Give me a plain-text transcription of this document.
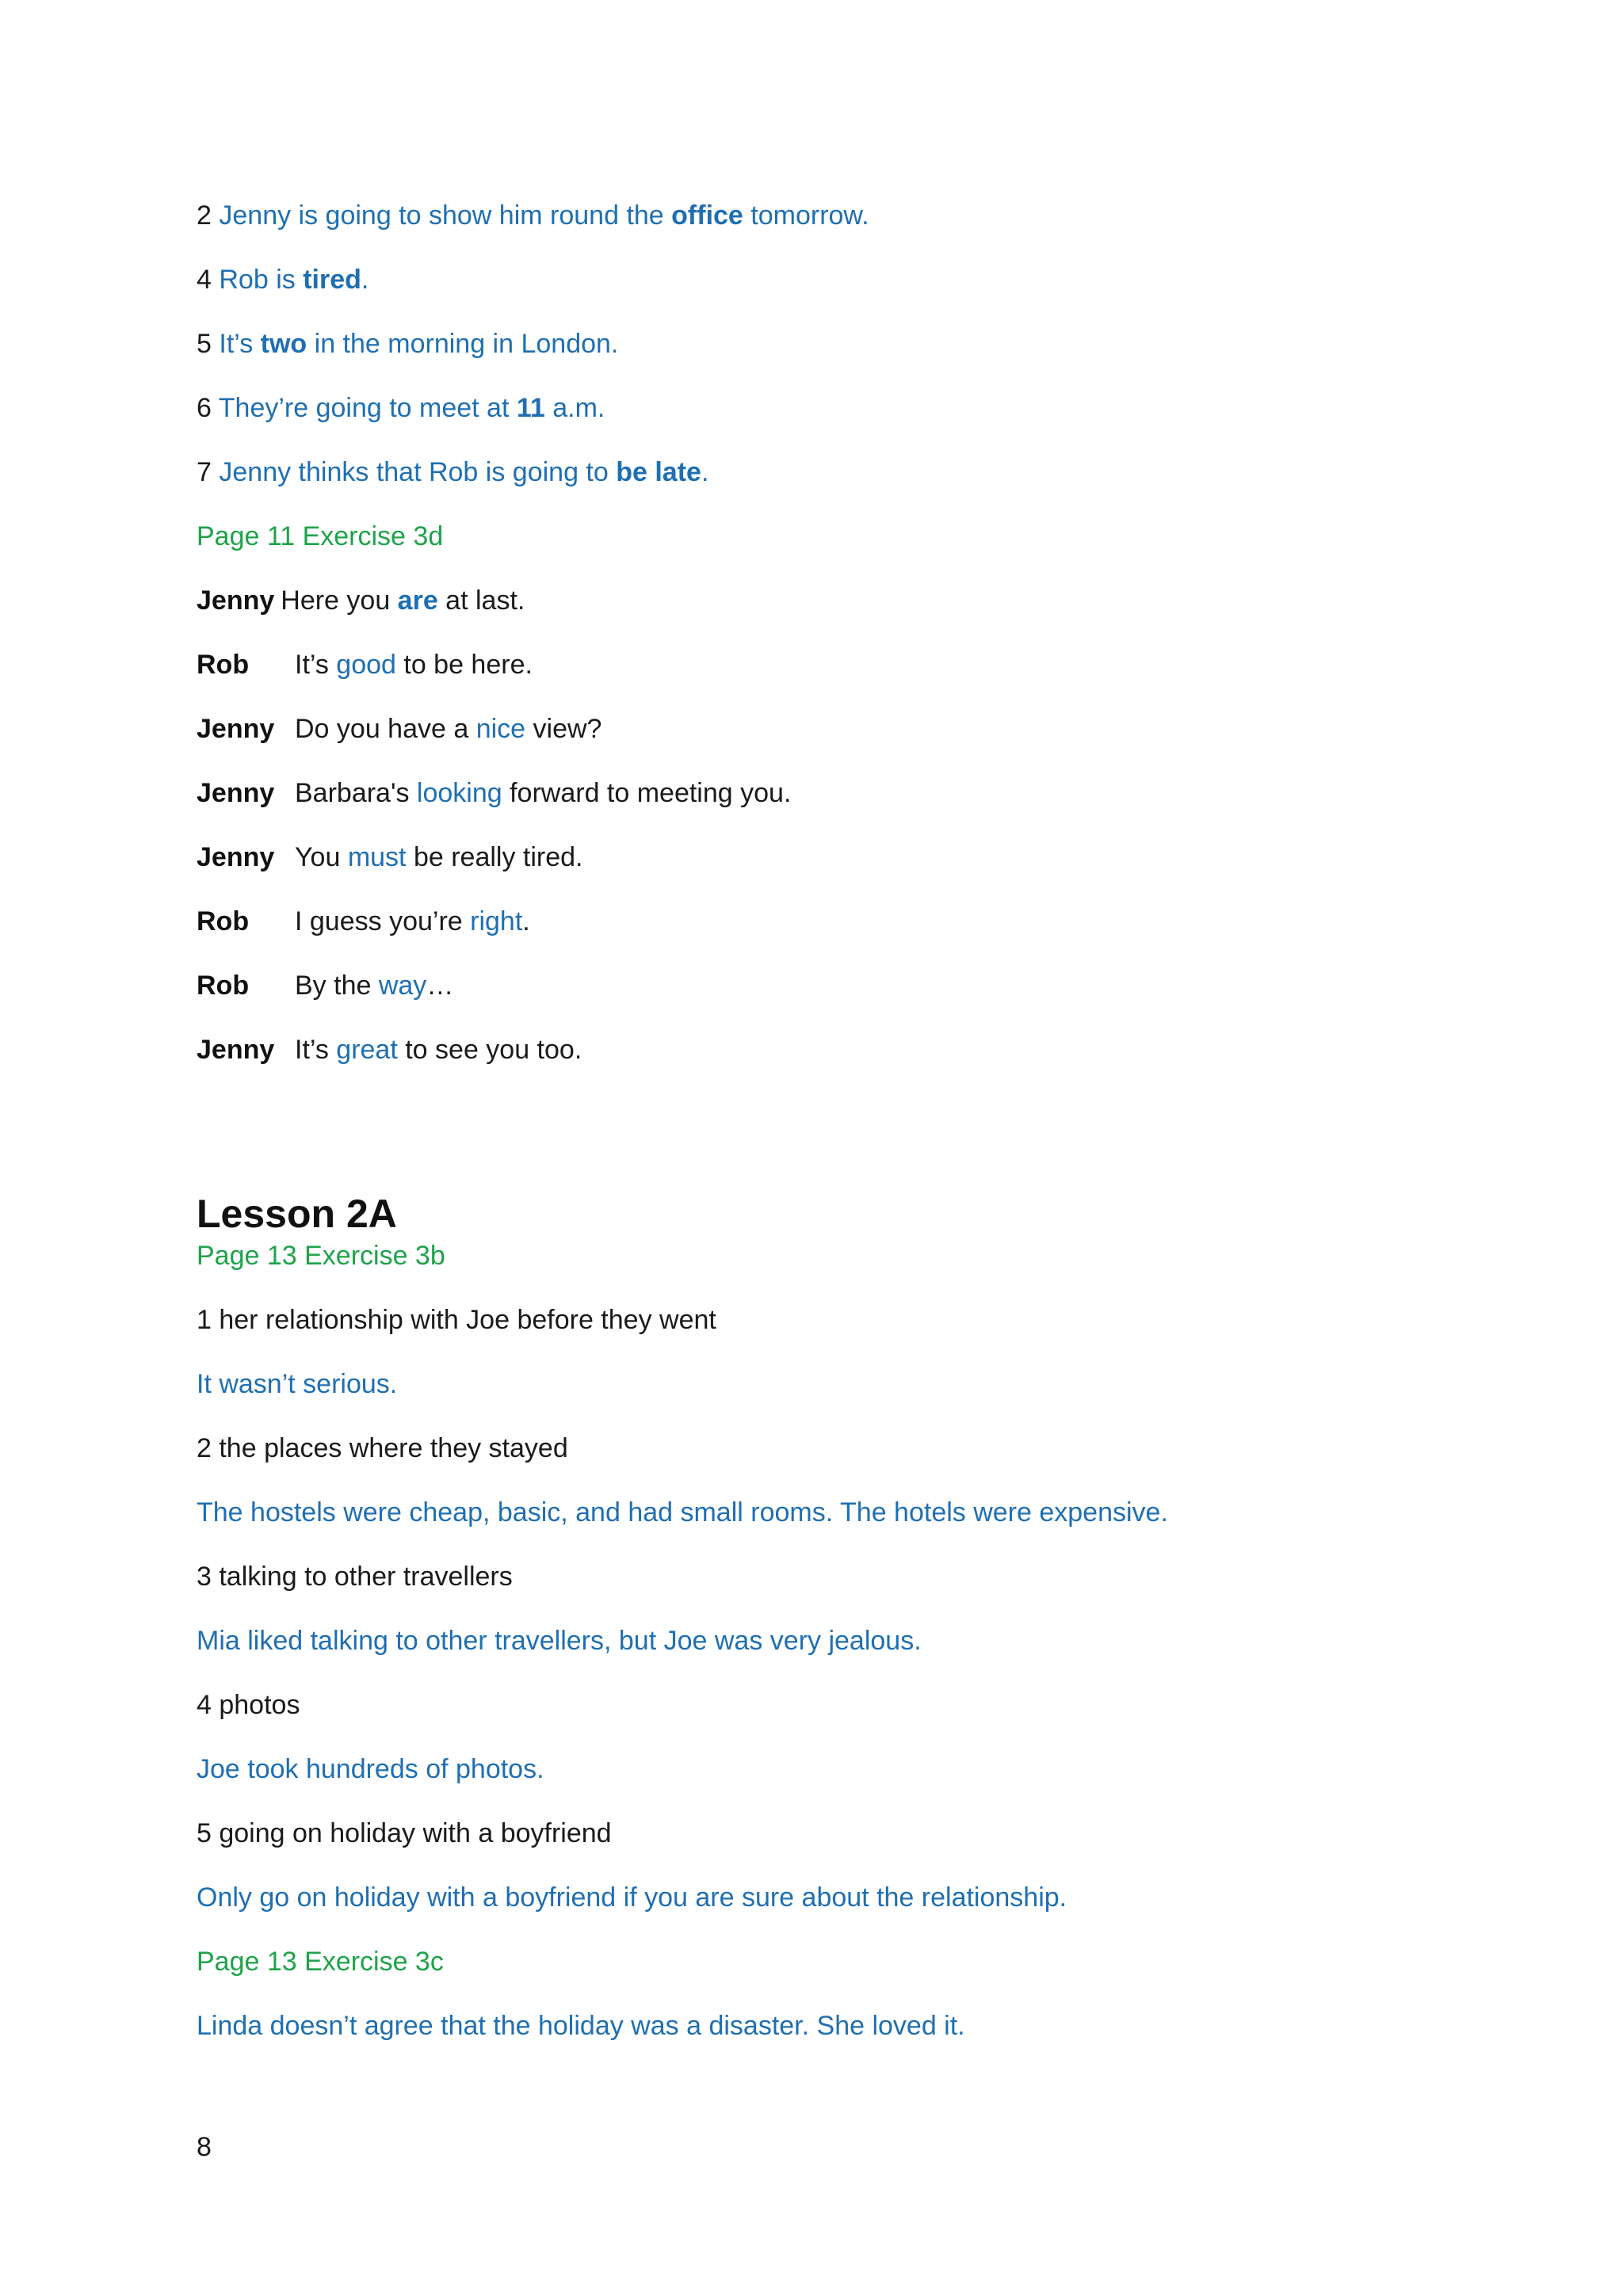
2 Jenny is going to show him round the office tomorrow.
4 Rob is tired.
5 It’s two in the morning in London.
6 They’re going to meet at 11 a.m.
7 Jenny thinks that Rob is going to be late.
Page 11 Exercise 3d
Jenny Here you are at last.
Rob It’s good to be here.
Jenny Do you have a nice view?
Jenny Barbara's looking forward to meeting you.
Jenny You must be really tired.
Rob I guess you’re right.
Rob By the way…
Jenny It’s great to see you too.
Lesson 2A
Page 13 Exercise 3b
1 her relationship with Joe before they went
It wasn’t serious.
2 the places where they stayed
The hostels were cheap, basic, and had small rooms. The hotels were expensive.
3 talking to other travellers
Mia liked talking to other travellers, but Joe was very jealous.
4 photos
Joe took hundreds of photos.
5 going on holiday with a boyfriend
Only go on holiday with a boyfriend if you are sure about the relationship.
Page 13 Exercise 3c
Linda doesn’t agree that the holiday was a disaster. She loved it.
8
